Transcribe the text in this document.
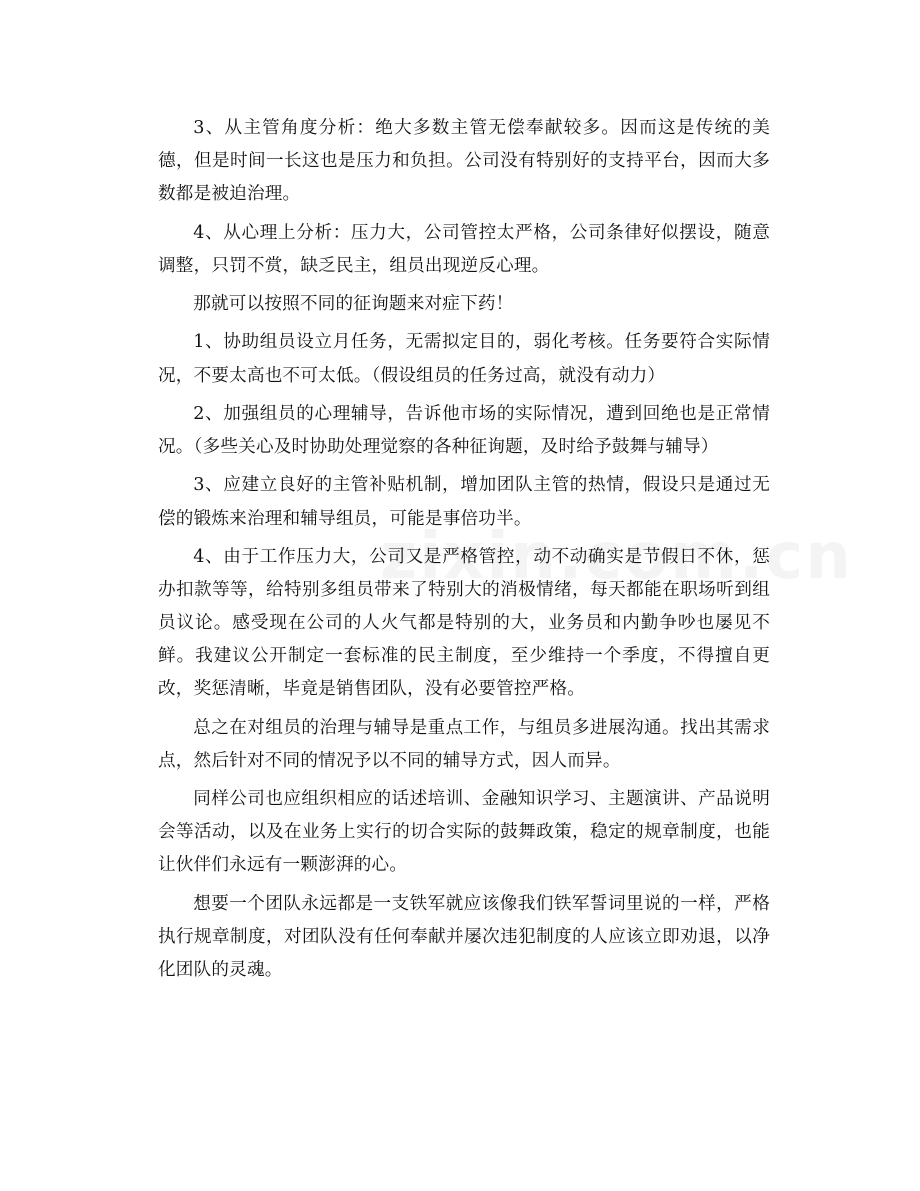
3、从主管角度分析：绝大多数主管无偿奉献较多。因而这是传统的美德，但是时间一长这也是压力和负担。公司没有特别好的支持平台，因而大多数都是被迫治理。

4、从心理上分析：压力大，公司管控太严格，公司条律好似摆设，随意调整，只罚不赏，缺乏民主，组员出现逆反心理。

那就可以按照不同的征询题来对症下药！

1、协助组员设立月任务，无需拟定目的，弱化考核。任务要符合实际情况，不要太高也不可太低。（假设组员的任务过高，就没有动力）

2、加强组员的心理辅导，告诉他市场的实际情况，遭到回绝也是正常情况。（多些关心及时协助处理觉察的各种征询题，及时给予鼓舞与辅导）

3、应建立良好的主管补贴机制，增加团队主管的热情，假设只是通过无偿的锻炼来治理和辅导组员，可能是事倍功半。

4、由于工作压力大，公司又是严格管控，动不动确实是节假日不休，惩办扣款等等，给特别多组员带来了特别大的消极情绪，每天都能在职场听到组员议论。感受现在公司的人火气都是特别的大，业务员和内勤争吵也屡见不鲜。我建议公开制定一套标准的民主制度，至少维持一个季度，不得擅自更改，奖惩清晰，毕竟是销售团队，没有必要管控严格。

总之在对组员的治理与辅导是重点工作，与组员多进展沟通。找出其需求点，然后针对不同的情况予以不同的辅导方式，因人而异。

同样公司也应组织相应的话述培训、金融知识学习、主题演讲、产品说明会等活动，以及在业务上实行的切合实际的鼓舞政策，稳定的规章制度，也能让伙伴们永远有一颗澎湃的心。

想要一个团队永远都是一支铁军就应该像我们铁军誓词里说的一样，严格执行规章制度，对团队没有任何奉献并屡次违犯制度的人应该立即劝退，以净化团队的灵魂。
